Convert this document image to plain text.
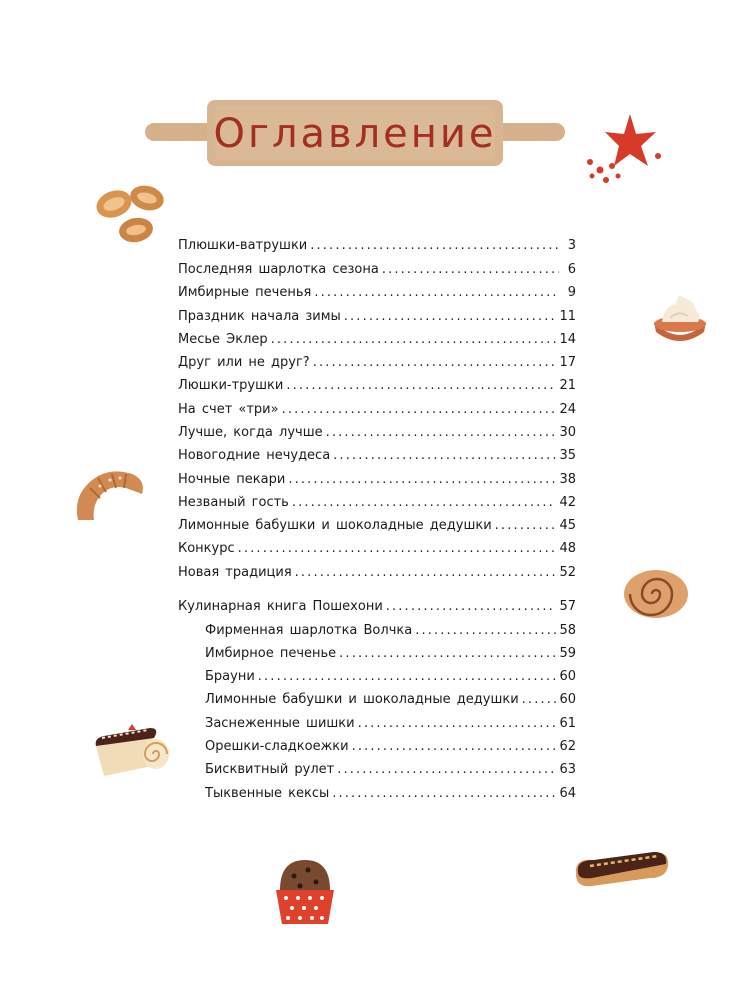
Оглавление
Плюшки-ватрушки . . .	3
Последняя шарлотка сезона . . .	6
Имбирные печенья . . .	9
Праздник начала зимы . . .	11
Месье Эклер . . .	14
Друг или не друг? . . .	17
Люшки-трушки . . .	21
На счет «три» . . .	24
Лучше, когда лучше . . .	30
Новогодние нечудеса . . .	35
Ночные пекари . . .	38
Незваный гость . . .	42
Лимонные бабушки и шоколадные дедушки . . .	45
Конкурс . . .	48
Новая традиция . . .	52
Кулинарная книга Пошехони . . .	57
Фирменная шарлотка Волчка . . .	58
Имбирное печенье . . .	59
Брауни . . .	60
Лимонные бабушки и шоколадные дедушки . . .	60
Заснеженные шишки . . .	61
Орешки-сладкоежки . . .	62
Бисквитный рулет . . .	63
Тыквенные кексы . . .	64
